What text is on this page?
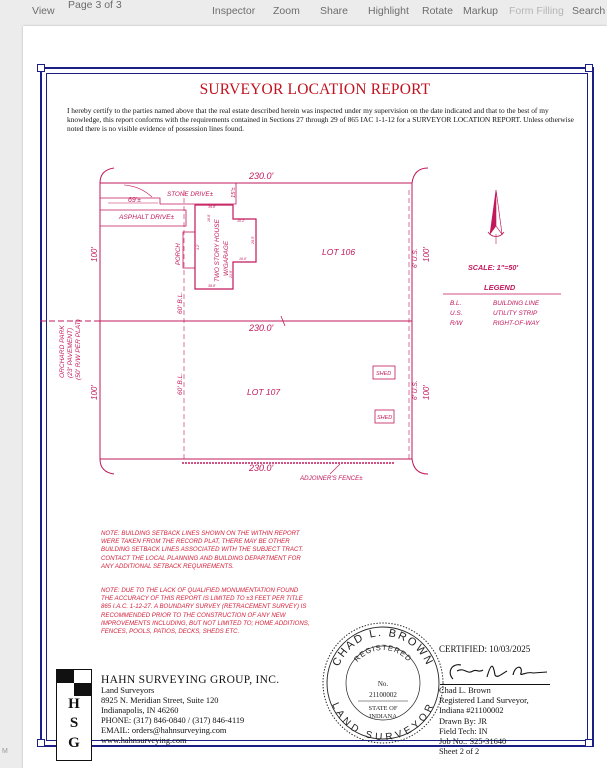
View Page 3 of 3	Inspector Zoom Share Highlight Rotate Markup Form Filling Search
SURVEYOR LOCATION REPORT
I hereby certify to the parties named above that the real estate described herein was inspected under my supervision on the date indicated and that to the best of my knowledge, this report conforms with the requirements contained in Sections 27 through 29 of 865 IAC 1-1-12 for a SURVEYOR LOCATION REPORT. Unless otherwise noted there is no visible evidence of possession lines found.
NOTE: BUILDING SETBACK LINES SHOWN ON THE WITHIN REPORT WERE TAKEN FROM THE RECORD PLAT, THERE MAY BE OTHER BUILDING SETBACK LINES ASSOCIATED WITH THE SUBJECT TRACT. CONTACT THE LOCAL PLANNING AND BUILDING DEPARTMENT FOR ANY ADDITIONAL SETBACK REQUIREMENTS.
NOTE: DUE TO THE LACK OF QUALIFIED MONUMENTATION FOUND THE ACCURACY OF THIS REPORT IS LIMITED TO ±3 FEET PER TITLE 865 I.A.C. 1-12-27. A BOUNDARY SURVEY (RETRACEMENT SURVEY) IS RECOMMENDED PRIOR TO THE CONSTRUCTION OF ANY NEW IMPROVEMENTS INCLUDING, BUT NOT LIMITED TO; HOME ADDITIONS, FENCES, POOLS, PATIOS, DECKS, SHEDS ETC.
H
S
G
HAHN SURVEYING GROUP, INC.
Land Surveyors
8925 N. Meridian Street, Suite 120
Indianapolis, IN 46260
PHONE: (317) 846-0840 / (317) 846-4119
EMAIL: orders@hahnsurveying.com
www.hahnsurveying.com
CHAD L. BROWN
REGISTERED
LAND SURVEYOR
No.
21100002
STATE OF
INDIANA
CERTIFIED: 10/03/2025
Chad L. Brown
Registered Land Surveyor,
Indiana #21100002
Drawn By: JR
Field Tech: IN
Job No.: S25-31640
Sheet 2 of 2
230.0'
230.0'
230.0'
STONE DRIVE±
69'±
ASPHALT DRIVE±
LOT 106
LOT 107
SHED
SHED
ADJOINER'S FENCE±
SCALE: 1"=50'
15'±
100'
100'
100'
100'
PORCH	TWO STORY HOUSE W/GARAGE
60' B.L.
60' B.L.
6' U.S.
6' U.S.
ORCHARD PARK (23' PAVEMENT) (50' R/W PER PLAT)
39.8'
10.2'
20.5'
16.0'
21.9'
38.8'
4.2'
16.0'
LEGEND
B.L.	BUILDING LINE
U.S.	UTILITY STRIP
R/W	RIGHT-OF-WAY
M
